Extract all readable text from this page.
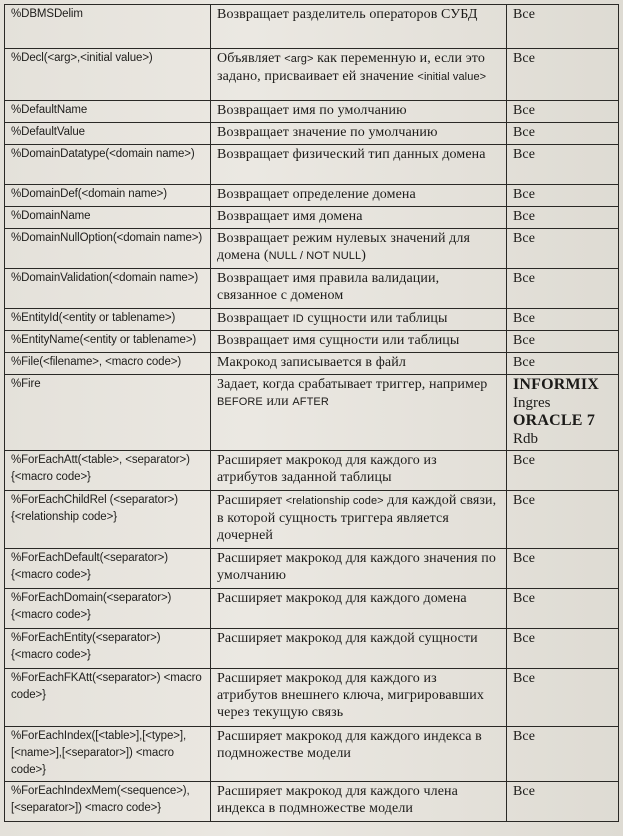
%DBMSDelim	Возвращает разделитель операторов СУБД	Все
%Decl(<arg>,<initial value>)	Объявляет <arg> как переменную и, если это задано, присваивает ей значение <initial value>	Все
%DefaultName	Возвращает имя по умолчанию	Все
%DefaultValue	Возвращает значение по умолчанию	Все
%DomainDatatype(<domain name>)	Возвращает физический тип данных домена	Все
%DomainDef(<domain name>)	Возвращает определение домена	Все
%DomainName	Возвращает имя домена	Все
%DomainNullOption(<domain name>)	Возвращает режим нулевых значений для домена (NULL / NOT NULL)	Все
%DomainValidation(<domain name>)	Возвращает имя правила валидации, связанное с доменом	Все
%EntityId(<entity or tablename>)	Возвращает ID сущности или таблицы	Все
%EntityName(<entity or tablename>)	Возвращает имя сущности или таблицы	Все
%File(<filename>, <macro code>)	Макрокод записывается в файл	Все
%Fire	Задает, когда срабатывает триггер, например BEFORE или AFTER	INFORMIX
Ingres
ORACLE 7
Rdb

%ForEachAtt(<table>, <separator>) {<macro code>}	Расширяет макрокод для каждого из атрибутов заданной таблицы	Все
%ForEachChildRel (<separator>) {<relationship code>}	Расширяет <relationship code> для каждой связи, в которой сущность триггера является дочерней	Все
%ForEachDefault(<separator>) {<macro code>}	Расширяет макрокод для каждого значения по умолчанию	Все
%ForEachDomain(<separator>) {<macro code>}	Расширяет макрокод для каждого домена	Все
%ForEachEntity(<separator>) {<macro code>}	Расширяет макрокод для каждой сущности	Все
%ForEachFKAtt(<separator>) <macro code>}	Расширяет макрокод для каждого из атрибутов внешнего ключа, мигрировавших через текущую связь	Все
%ForEachIndex([<table>],[<type>],[<name>],[<separator>]) <macro code>}	Расширяет макрокод для каждого индекса в подмножестве модели	Все
%ForEachIndexMem(<sequence>), [<separator>]) <macro code>}	Расширяет макрокод для каждого члена индекса в подмножестве модели	Все
